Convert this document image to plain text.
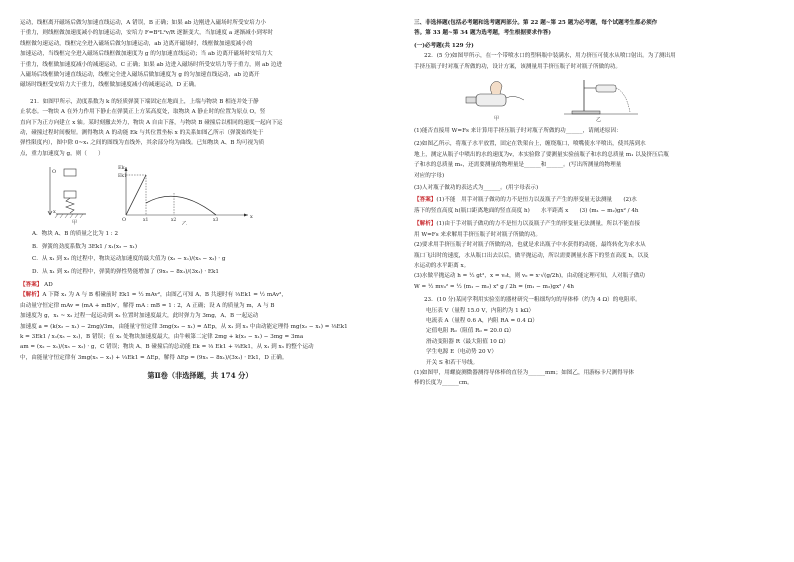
运动，线框离开磁场后做匀加速直线运动，A 错误，B 正确；如果 ab 边刚进入磁场时所受安培力小
于重力，则线框做加速度减小的加速运动，安培力 F=B²L²v/R 逐渐变大，当加速度 a 逐渐减小到零时
线框做匀速运动，线框完全进入磁场后做匀加速运动，ab 边离开磁场时，线框做加速度减小的
加速运动，当线框完全进入磁场后线框做加速度为 g 的匀加速直线运动；当 ab 边离开磁场时安培力大
于重力，线框做加速度减小的减速运动，C 正确；如果 ab 边进入磁场时所受安培力等于重力，则 ab 边进
入磁场后线框做匀速直线运动，线框完全进入磁场后做加速度为 g 的匀加速直线运动，ab 边离开
磁场时线框受安培力大于重力，线框做加速度减小的减速运动，D 正确。
21．如图甲所示，劲度系数为 k 的轻质弹簧下端固定在地面上，上端与物块 B 相连并处于静
止状态。一物块 A 在外力作用下静止在弹簧正上方某高度处，取物块 A 静止时的位置为原点 O，竖
直向下为正方向建立 x 轴。某时刻撤去外力，物块 A 自由下落，与物块 B 碰撞后以相同的速度一起向下运
动，碰撞过程时间极短。测得物块 A 的动能 Ek 与其位置坐标 x 的关系如图乙所示（弹簧始终处于
弹性限度内），图中除 0~x₁ 之间的图线为直线外，其余部分均为曲线。已知物块 A、B 均可视为质
点，重力加速度为 g，则（　　）
O
x
甲
Ek
Ek1
x
O	x1	x2	x3
乙
A．物块 A、B 的质量之比为 1 : 2
B．弹簧的劲度系数为 3Ek1 / x₁(x₃ − x₁)
C．从 x₁ 到 x₃ 的过程中，物块运动加速度的最大值为 (x₂ − x₁)/(x₃ − x₂) · g
D．从 x₁ 到 x₃ 的过程中，弹簧的弹性势能增加了 (9x₃ − 8x₁)/(3x₁) · Ek1
【答案】 AD
【解析】A 下降 x₁ 为 A 与 B 相碰前时 Ek1 = ½ mAv²，由图乙可知 A、B 共速时有 ⅓Ek1 = ½ mAv²，
由动量守恒定律 mAv = (mA + mB)v′，解得 mA : mB = 1 : 2，A 正确；设 A 的质量为 m，A 与 B
加速度为 g，x₁ ~ x₂ 过程一起运动到 x₂ 位置时加速度最大，此时弹力为 3mg，A、B 一起运动
加速度 a = (k(x₂ − x₁) − 2mg)/3m，由能量守恒定律 3mg(x₃ − x₁) = ΔEp，从 x₁ 到 x₃ 中由动能定理得 mg(x₂ − x₁) = ⅓Ek1
k = 3Ek1 / x₁(x₃ − x₁)，B 错误；在 x₂ 处物块加速度最大，由牛顿第二定律 2mg + k(x₂ − x₁) − 3mg = 3ma
am = (x₂ − x₁)/(x₃ − x₂) · g，C 错误；物块 A、B 碰撞后的总动能 Ek = ⅓ Ek1 + ⅔Ek1，从 x₁ 到 x₃ 的整个运动
中，由能量守恒定律有 3mg(x₃ − x₁) + ⅓Ek1 = ΔEp，解得 ΔEp = (9x₃ − 8x₁)/(3x₁) · Ek1，D 正确。
第Ⅱ卷（非选择题，共 174 分）
三、非选择题(包括必考题和选考题两部分。第 22 题~第 25 题为必考题，每个试题考生都必须作
答。第 33 题~第 34 题为选考题，考生根据要求作答)
(一)必考题(共 129 分)
22．(5 分)如图甲所示，在一个带喷水口的塑料瓶中装满水，用力挤压可使水从喷口射出。为了测出用
手挤压瓶子时对瓶子所做的功，设计方案，该测量用手挤压瓶子时对瓶子所做的功。
甲	乙
(1)能否直接用 W=Fs 来计算用手挤压瓶子时对瓶子所做的功______，请阐述原因：
(2)如图乙所示，将瓶子水平放置，固定在铁架台上，缠绕瓶口，喷嘴使水平喷出，使其落到水
地上，测定从瓶子中喷出的水的速度为v，本实验除了要测量实验前瓶子和水的总质量 m₁ 以及挤压后瓶
子和水的总质量 m₂，还需要测量的物理量是______和______。(写出所测量的物理量
对应的字母)
(3)人对瓶子做功的表达式为______。(用字母表示)
【答案】(1)不能　用手对瓶子做功的力不是恒力以及瓶子产生的形变量无法测量　　(2)水
落下的竖直高度 h(瓶口距离地面的竖直高度 h)　　水平距离 x　　(3) (m₁ − m₂)gx² / 4h
【解析】(1)由于手对瓶子做功的力不是恒力以及瓶子产生的形变量无法测量，所以不能直接
用 W=Fs 来求解用手挤压瓶子时对瓶子所做的功。
(2)要求用手挤压瓶子时对瓶子所做的功，也就是求出瓶子中水获得的动能，最终转化为求水从
瓶口飞出时的速度，水从瓶口出去以后，做平抛运动，所以需要测量水落下的竖直高度 h，以及
水运动的水平距离 x。
(3)水做平抛运动 h = ½ gt²，x = v₀t，则 v₀ = x·√(g/2h)，由动能定理可知，人对瓶子做功
W = ½ mv₀² = ½ (m₁ − m₂) x² g / 2h = (m₁ − m₂)gx² / 4h
23．(10 分)某同学利用实验室的器材研究一粗细均匀的导体棒（约为 4 Ω）的电阻率。
电压表 V（量程 15.0 V，内阻约为 1 kΩ）
电流表 A（量程 0.6 A，内阻 RA = 0.4 Ω）
定值电阻 R₀（阻值 R₀ = 20.0 Ω）
滑动变阻器 R（最大阻值 10 Ω）
学生电源 E（电动势 20 V）
开关 S 和若干导线。
(1)如图甲，用螺旋测微器测得导体棒的直径为______mm；如图乙，用游标卡尺测得导体
棒的长度为______cm。
